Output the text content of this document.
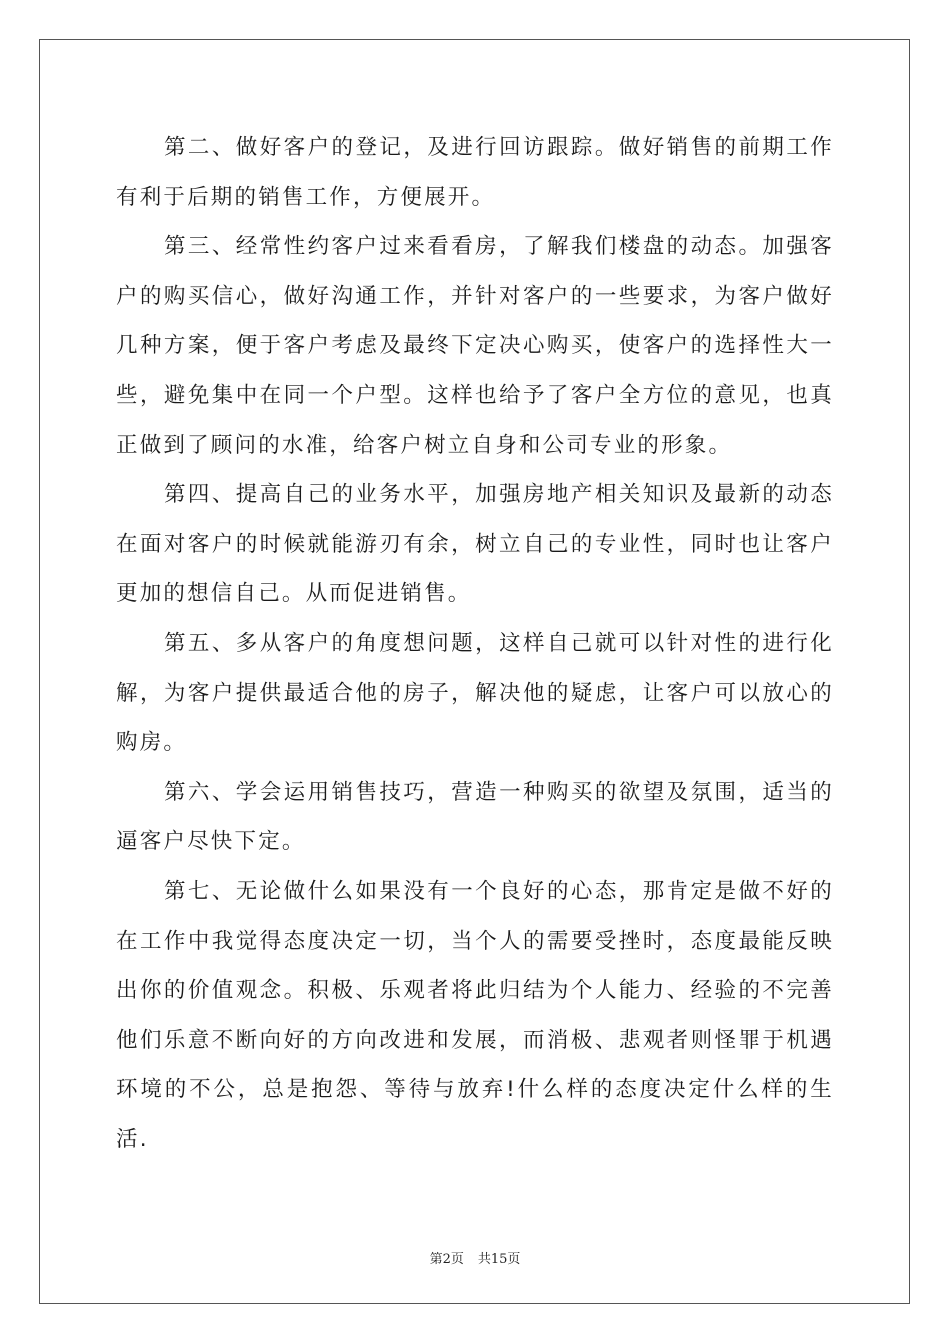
第二、做好客户的登记，及进行回访跟踪。做好销售的前期工作有利于后期的销售工作，方便展开。

第三、经常性约客户过来看看房，了解我们楼盘的动态。加强客户的购买信心，做好沟通工作，并针对客户的一些要求，为客户做好几种方案，便于客户考虑及最终下定决心购买，使客户的选择性大一些，避免集中在同一个户型。这样也给予了客户全方位的意见，也真正做到了顾问的水准，给客户树立自身和公司专业的形象。

第四、提高自己的业务水平，加强房地产相关知识及最新的动态在面对客户的时候就能游刃有余，树立自己的专业性，同时也让客户更加的想信自己。从而促进销售。

第五、多从客户的角度想问题，这样自己就可以针对性的进行化解，为客户提供最适合他的房子，解决他的疑虑，让客户可以放心的购房。

第六、学会运用销售技巧，营造一种购买的欲望及氛围，适当的逼客户尽快下定。

第七、无论做什么如果没有一个良好的心态，那肯定是做不好的在工作中我觉得态度决定一切，当个人的需要受挫时，态度最能反映出你的价值观念。积极、乐观者将此归结为个人能力、经验的不完善他们乐意不断向好的方向改进和发展，而消极、悲观者则怪罪于机遇环境的不公，总是抱怨、等待与放弃!什么样的态度决定什么样的生活.

第2页 共15页
